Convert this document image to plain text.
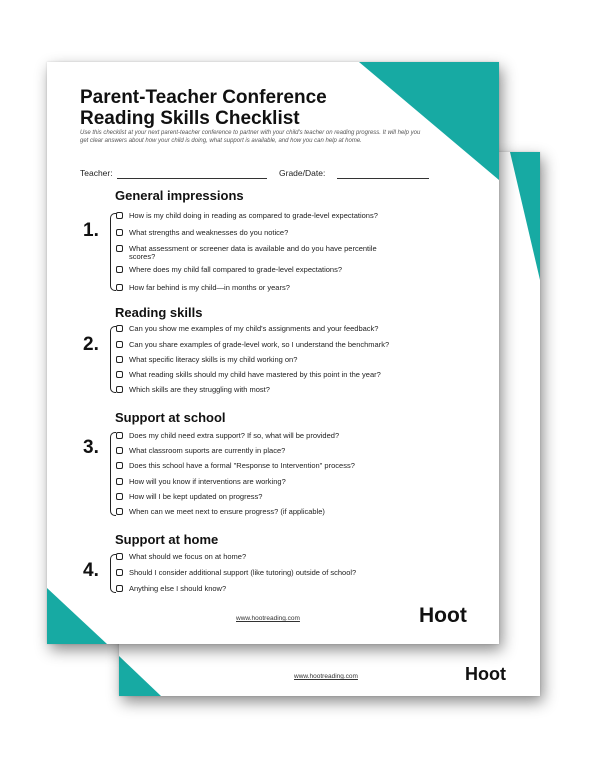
www.hootreading.com	Hoot
Parent-Teacher Conference
Reading Skills Checklist
Use this checklist at your next parent-teacher conference to partner with your child's teacher on reading progress. It will help you get clear answers about how your child is doing, what support is available, and how you can help at home.
Teacher:	Grade/Date:
General impressions
1.
How is my child doing in reading as compared to grade-level expectations?
What strengths and weaknesses do you notice?
What assessment or screener data is available and do you have percentile scores?
Where does my child fall compared to grade-level expectations?
How far behind is my child—in months or years?
Reading skills
2.
Can you show me examples of my child's assignments and your feedback?
Can you share examples of grade-level work, so I understand the benchmark?
What specific literacy skills is my child working on?
What reading skills should my child have mastered by this point in the year?
Which skills are they struggling with most?
Support at school
3.
Does my child need extra support? If so, what will be provided?
What classroom suports are currently in place?
Does this school have a formal "Response to Intervention" process?
How will you know if interventions are working?
How will I be kept updated on progress?
When can we meet next to ensure progress? (if applicable)
Support at home
4.
What should we focus on at home?
Should I consider additional support (like tutoring) outside of school?
Anything else I should know?
www.hootreading.com	Hoot
